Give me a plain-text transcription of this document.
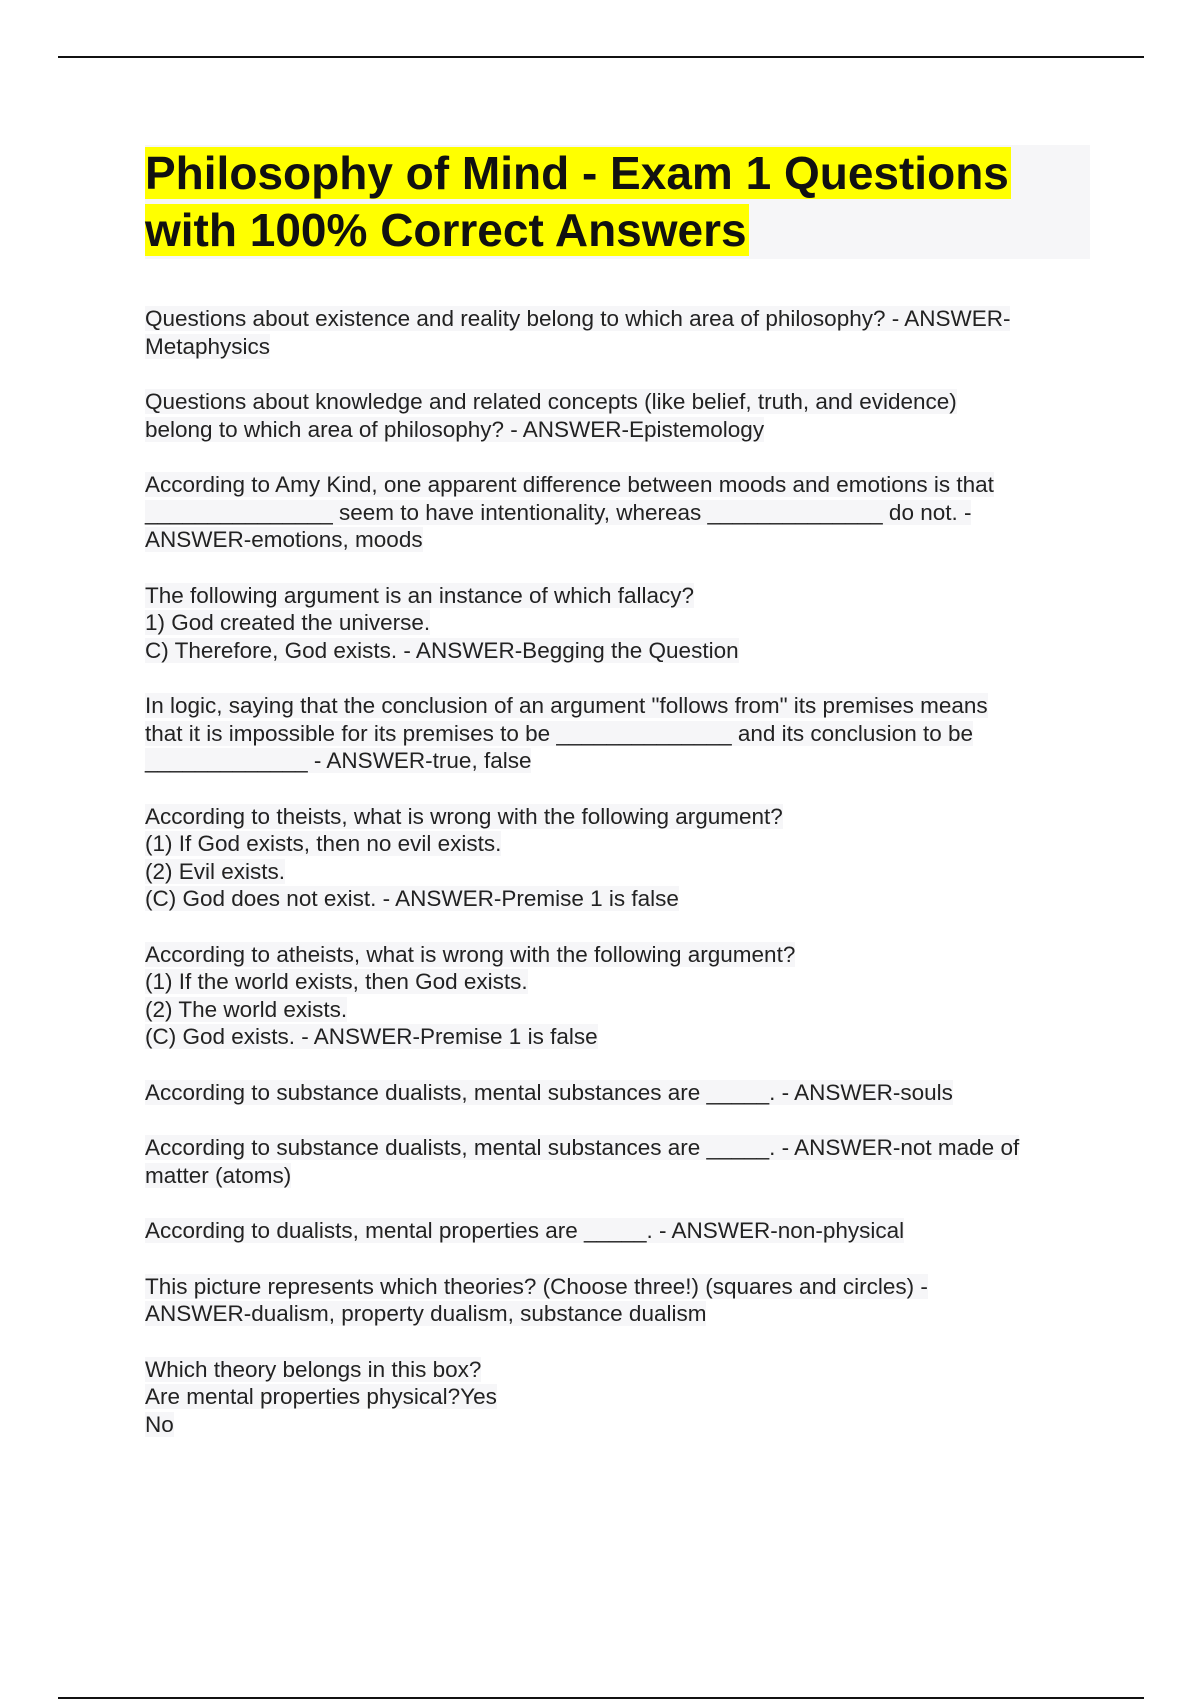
Philosophy of Mind - Exam 1 Questions
with 100% Correct Answers
Questions about existence and reality belong to which area of philosophy? - ANSWER-
Metaphysics
Questions about knowledge and related concepts (like belief, truth, and evidence)
belong to which area of philosophy? - ANSWER-Epistemology
According to Amy Kind, one apparent difference between moods and emotions is that
_______________ seem to have intentionality, whereas ______________ do not. -
ANSWER-emotions, moods
The following argument is an instance of which fallacy?
1) God created the universe.
C) Therefore, God exists. - ANSWER-Begging the Question
In logic, saying that the conclusion of an argument "follows from" its premises means
that it is impossible for its premises to be ______________ and its conclusion to be
_____________ - ANSWER-true, false
According to theists, what is wrong with the following argument?
(1) If God exists, then no evil exists.
(2) Evil exists.
(C) God does not exist. - ANSWER-Premise 1 is false
According to atheists, what is wrong with the following argument?
(1) If the world exists, then God exists.
(2) The world exists.
(C) God exists. - ANSWER-Premise 1 is false
According to substance dualists, mental substances are _____. - ANSWER-souls
According to substance dualists, mental substances are _____. - ANSWER-not made of
matter (atoms)
According to dualists, mental properties are _____. - ANSWER-non-physical
This picture represents which theories? (Choose three!) (squares and circles) -
ANSWER-dualism, property dualism, substance dualism
Which theory belongs in this box?
Are mental properties physical?Yes
No
